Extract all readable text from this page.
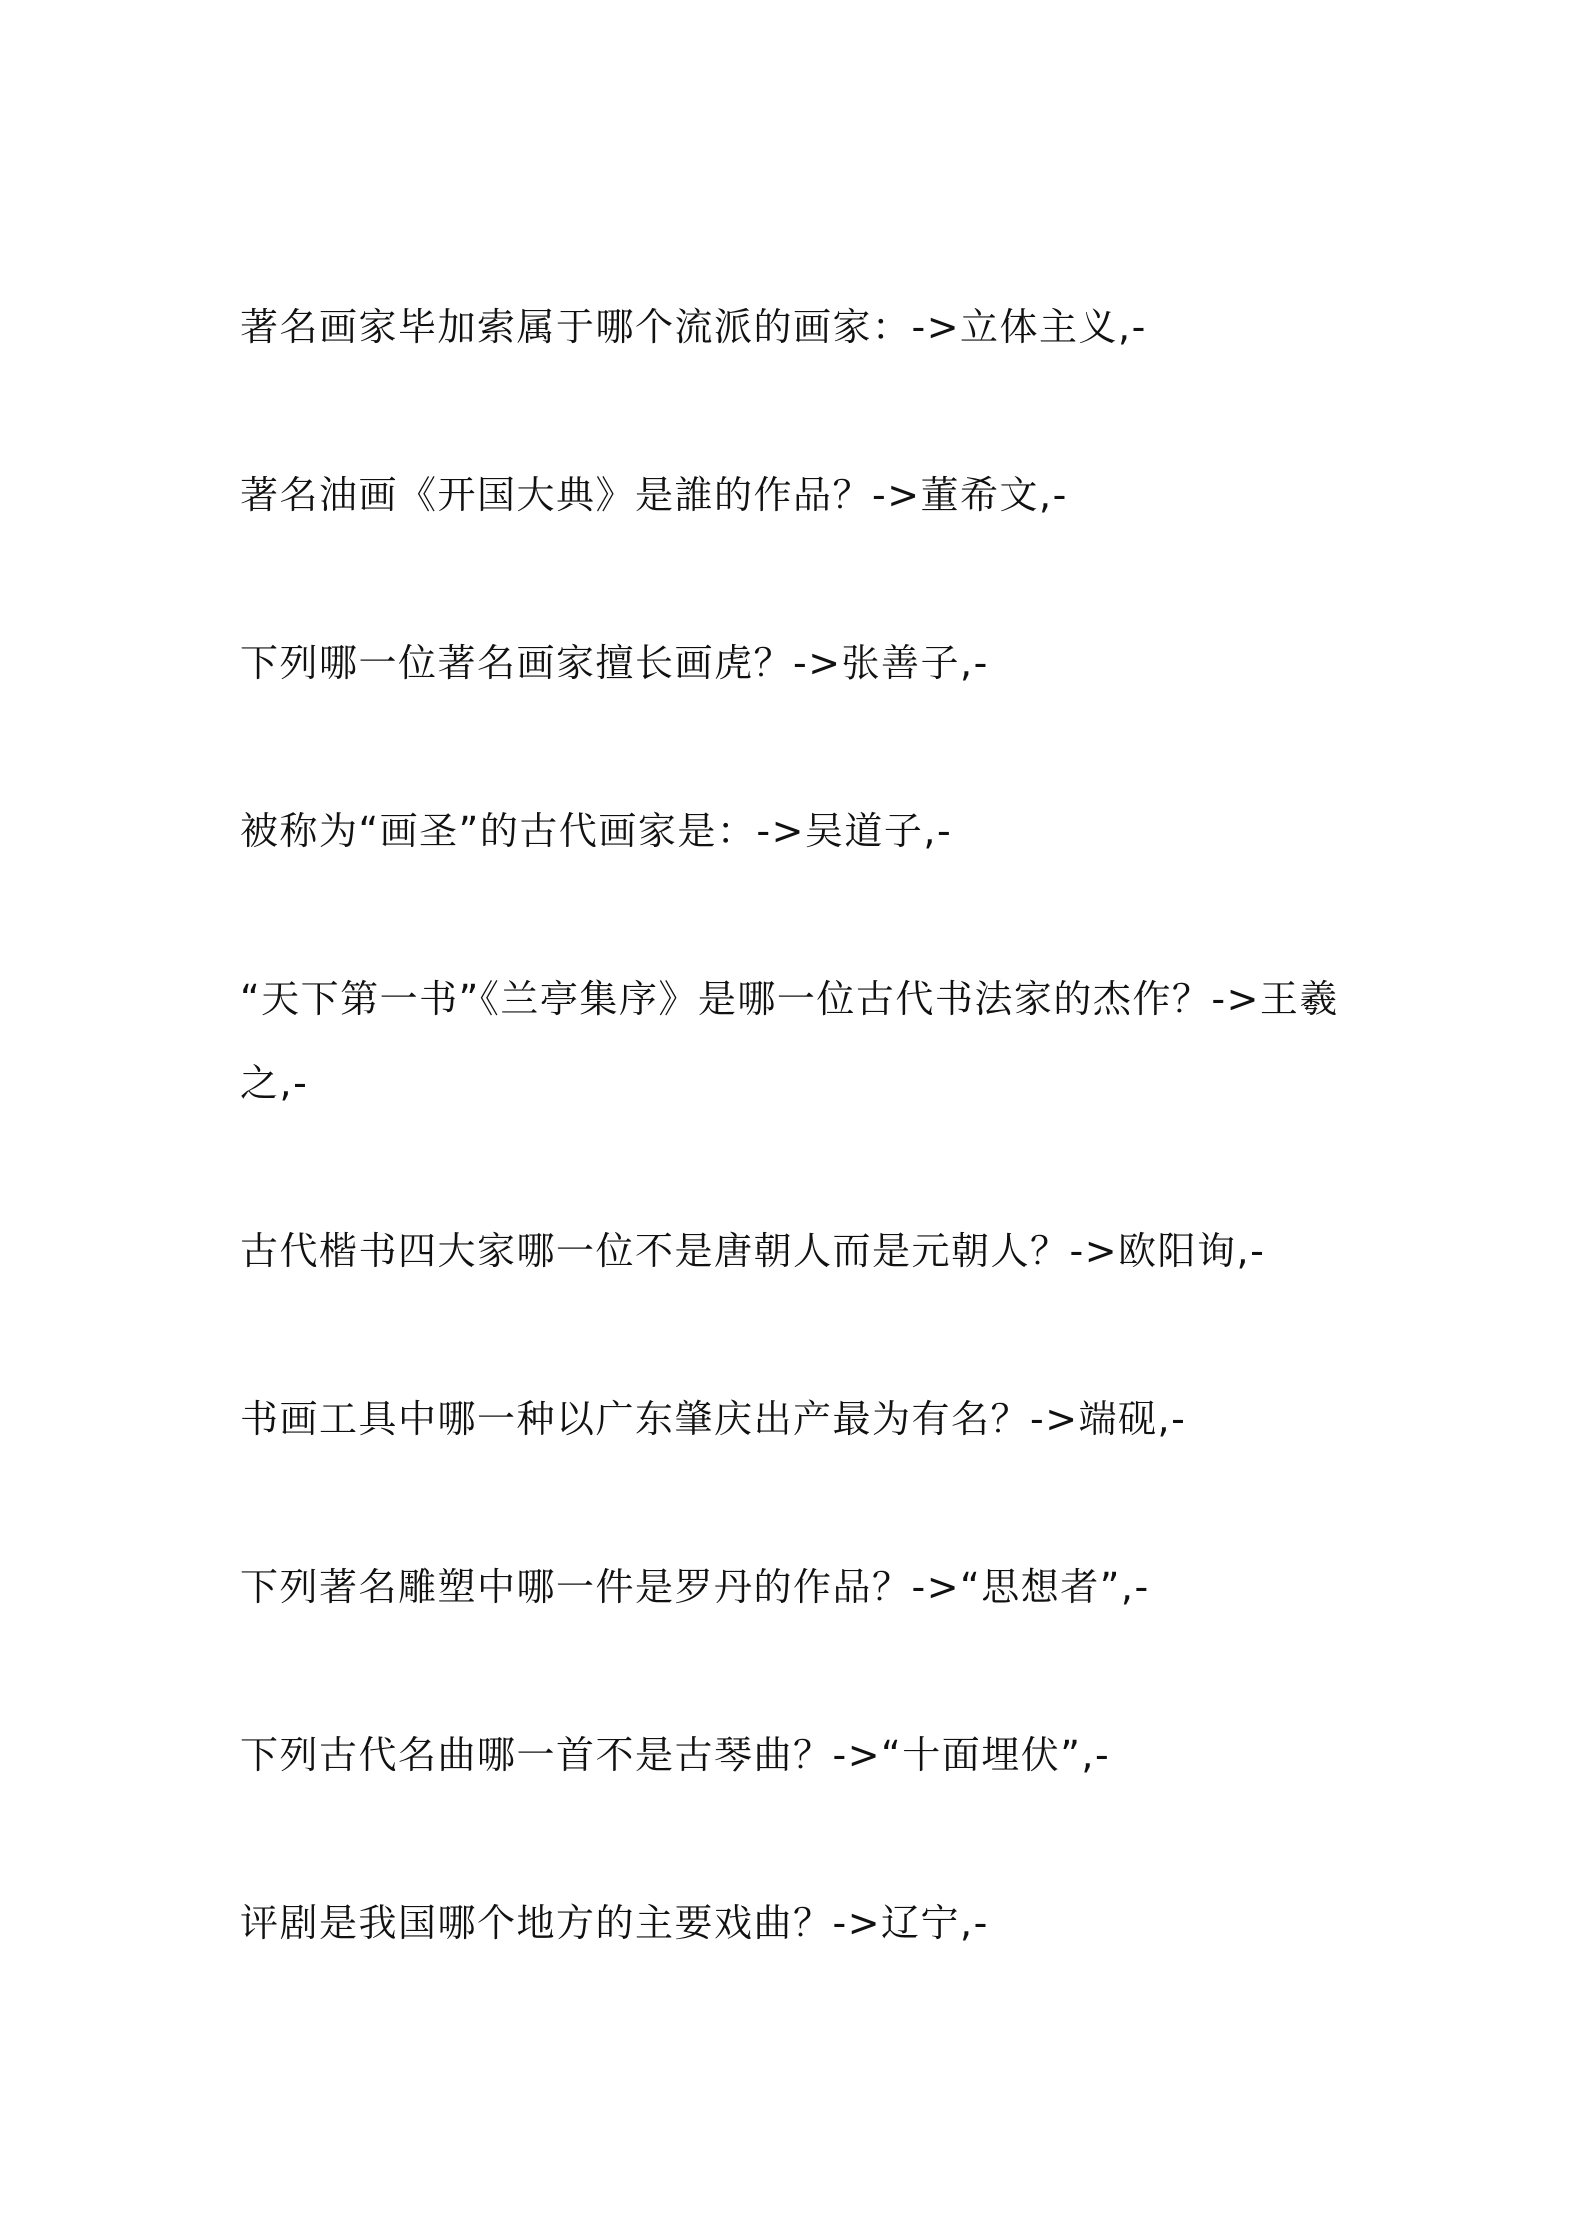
著名画家毕加索属于哪个流派的画家：->立体主义,-
著名油画《开国大典》是誰的作品？->董希文,-
下列哪一位著名画家擅长画虎？->张善子,-
被称为“画圣”的古代画家是：->吴道子,-
“天下第一书”《兰亭集序》是哪一位古代书法家的杰作？->王羲之,-
古代楷书四大家哪一位不是唐朝人而是元朝人？->欧阳询,-
书画工具中哪一种以广东肇庆出产最为有名？->端砚,-
下列著名雕塑中哪一件是罗丹的作品？->“思想者”,-
下列古代名曲哪一首不是古琴曲？->“十面埋伏”,-
评剧是我国哪个地方的主要戏曲？->辽宁,-
